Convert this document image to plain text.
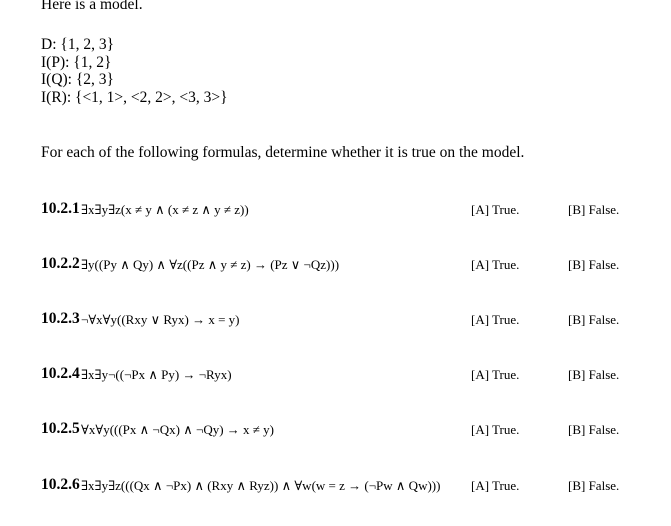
Here is a model.
D: {1, 2, 3}
I(P): {1, 2}
I(Q): {2, 3}
I(R): {<1, 1>, <2, 2>, <3, 3>}
For each of the following formulas, determine whether it is true on the model.
10.2.1 ∃x∃y∃z(x ≠ y ∧ (x ≠ z ∧ y ≠ z))	[A] True.	[B] False.
10.2.2 ∃y((Py ∧ Qy) ∧ ∀z((Pz ∧ y ≠ z) → (Pz ∨ ¬Qz)))	[A] True.	[B] False.
10.2.3 ¬∀x∀y((Rxy ∨ Ryx) → x = y)	[A] True.	[B] False.
10.2.4 ∃x∃y¬((¬Px ∧ Py) → ¬Ryx)	[A] True.	[B] False.
10.2.5 ∀x∀y(((Px ∧ ¬Qx) ∧ ¬Qy) → x ≠ y)	[A] True.	[B] False.
10.2.6 ∃x∃y∃z(((Qx ∧ ¬Px) ∧ (Rxy ∧ Ryz)) ∧ ∀w(w = z → (¬Pw ∧ Qw))) [A] True.	[B] False.
